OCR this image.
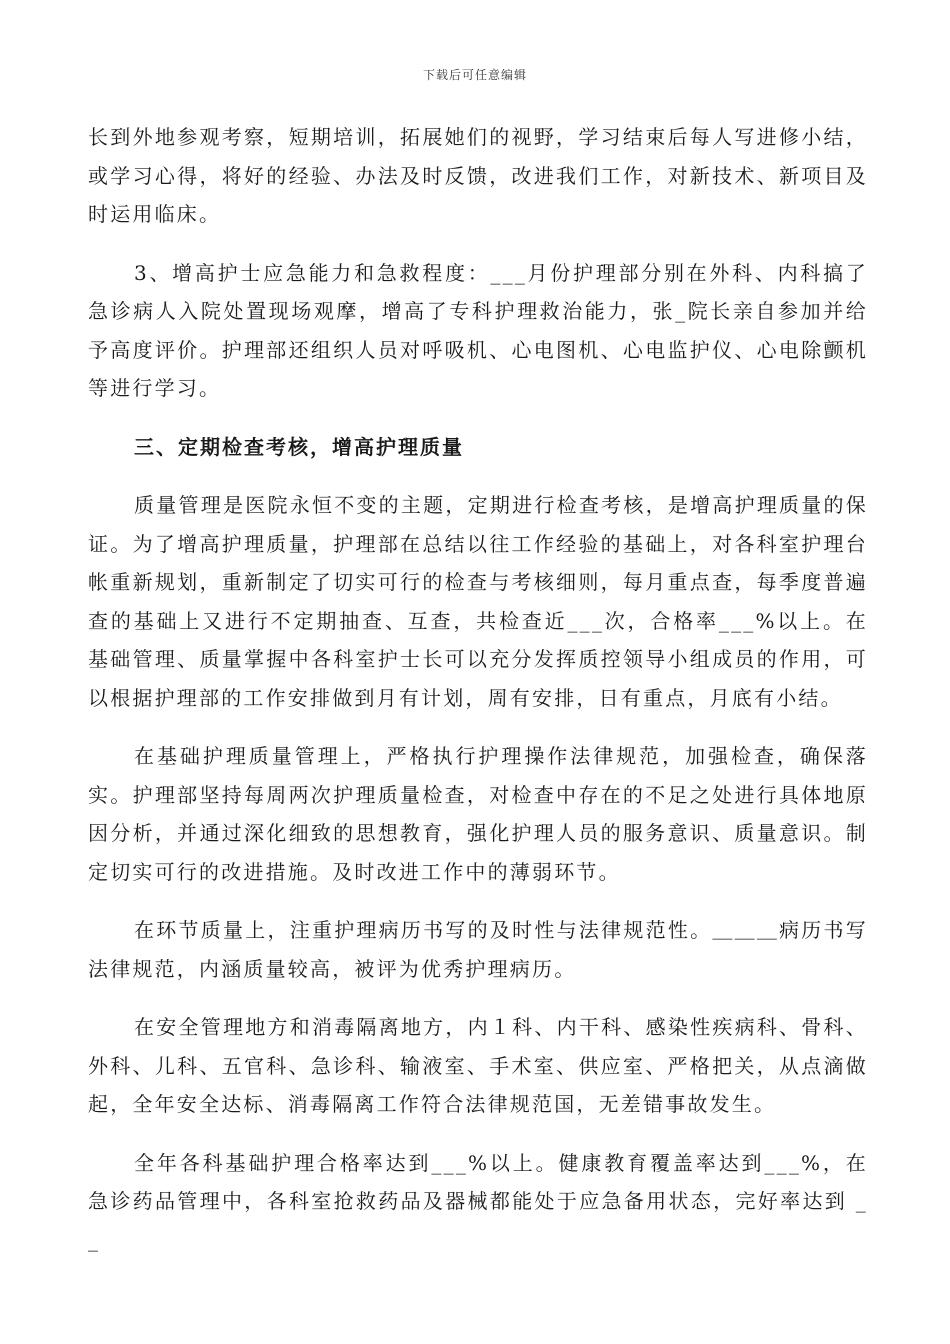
下载后可任意编辑

长到外地参观考察，短期培训，拓展她们的视野，学习结束后每人写进修小结，或学习心得，将好的经验、办法及时反馈，改进我们工作，对新技术、新项目及时运用临床。

3、增高护士应急能力和急救程度：___月份护理部分别在外科、内科搞了急诊病人入院处置现场观摩，增高了专科护理救治能力，张_院长亲自参加并给予高度评价。护理部还组织人员对呼吸机、心电图机、心电监护仪、心电除颤机等进行学习。

三、定期检查考核，增高护理质量

质量管理是医院永恒不变的主题，定期进行检查考核，是增高护理质量的保证。为了增高护理质量，护理部在总结以往工作经验的基础上，对各科室护理台帐重新规划，重新制定了切实可行的检查与考核细则，每月重点查，每季度普遍查的基础上又进行不定期抽查、互查，共检查近___次，合格率___%以上。在基础管理、质量掌握中各科室护士长可以充分发挥质控领导小组成员的作用，可以根据护理部的工作安排做到月有计划，周有安排，日有重点，月底有小结。

在基础护理质量管理上，严格执行护理操作法律规范，加强检查，确保落实。护理部坚持每周两次护理质量检查，对检查中存在的不足之处进行具体地原因分析，并通过深化细致的思想教育，强化护理人员的服务意识、质量意识。制定切实可行的改进措施。及时改进工作中的薄弱环节。

在环节质量上，注重护理病历书写的及时性与法律规范性。＿＿＿病历书写法律规范，内涵质量较高，被评为优秀护理病历。

在安全管理地方和消毒隔离地方，内１科、内干科、感染性疾病科、骨科、外科、儿科、五官科、急诊科、输液室、手术室、供应室、严格把关，从点滴做起，全年安全达标、消毒隔离工作符合法律规范国，无差错事故发生。

全年各科基础护理合格率达到___%以上。健康教育覆盖率达到___%，在急诊药品管理中，各科室抢救药品及器械都能处于应急备用状态，完好率达到 __
